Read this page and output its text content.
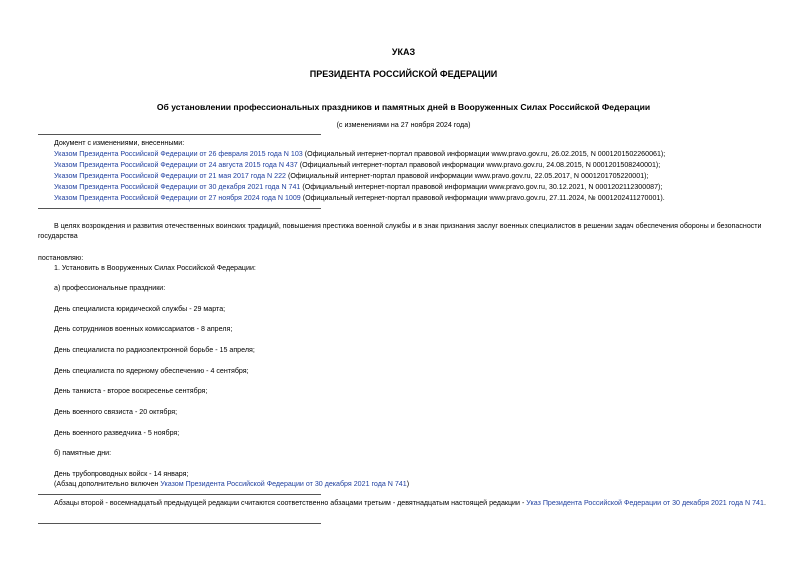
УКАЗ
ПРЕЗИДЕНТА РОССИЙСКОЙ ФЕДЕРАЦИИ
Об установлении профессиональных праздников и памятных дней в Вооруженных Силах Российской Федерации
(с изменениями на 27 ноября 2024 года)
Документ с изменениями, внесенными:
Указом Президента Российской Федерации от 26 февраля 2015 года N 103 (Официальный интернет-портал правовой информации www.pravo.gov.ru, 26.02.2015, N 0001201502260061);
Указом Президента Российской Федерации от 24 августа 2015 года N 437 (Официальный интернет-портал правовой информации www.pravo.gov.ru, 24.08.2015, N 0001201508240001);
Указом Президента Российской Федерации от 21 мая 2017 года N 222 (Официальный интернет-портал правовой информации www.pravo.gov.ru, 22.05.2017, N 0001201705220001);
Указом Президента Российской Федерации от 30 декабря 2021 года N 741 (Официальный интернет-портал правовой информации www.pravo.gov.ru, 30.12.2021, N 0001202112300087);
Указом Президента Российской Федерации от 27 ноября 2024 года N 1009 (Официальный интернет-портал правовой информации www.pravo.gov.ru, 27.11.2024, № 0001202411270001).
В целях возрождения и развития отечественных воинских традиций, повышения престижа военной службы и в знак признания заслуг военных специалистов в решении задач обеспечения обороны и безопасности государства
постановляю:
1. Установить в Вооруженных Силах Российской Федерации:
а) профессиональные праздники:
День специалиста юридической службы - 29 марта;
День сотрудников военных комиссариатов - 8 апреля;
День специалиста по радиоэлектронной борьбе - 15 апреля;
День специалиста по ядерному обеспечению - 4 сентября;
День танкиста - второе воскресенье сентября;
День военного связиста - 20 октября;
День военного разведчика - 5 ноября;
б) памятные дни:
День трубопроводных войск - 14 января;
(Абзац дополнительно включен Указом Президента Российской Федерации от 30 декабря 2021 года N 741)
Абзацы второй - восемнадцатый предыдущей редакции считаются соответственно абзацами третьим - девятнадцатым настоящей редакции - Указ Президента Российской Федерации от 30 декабря 2021 года N 741.
